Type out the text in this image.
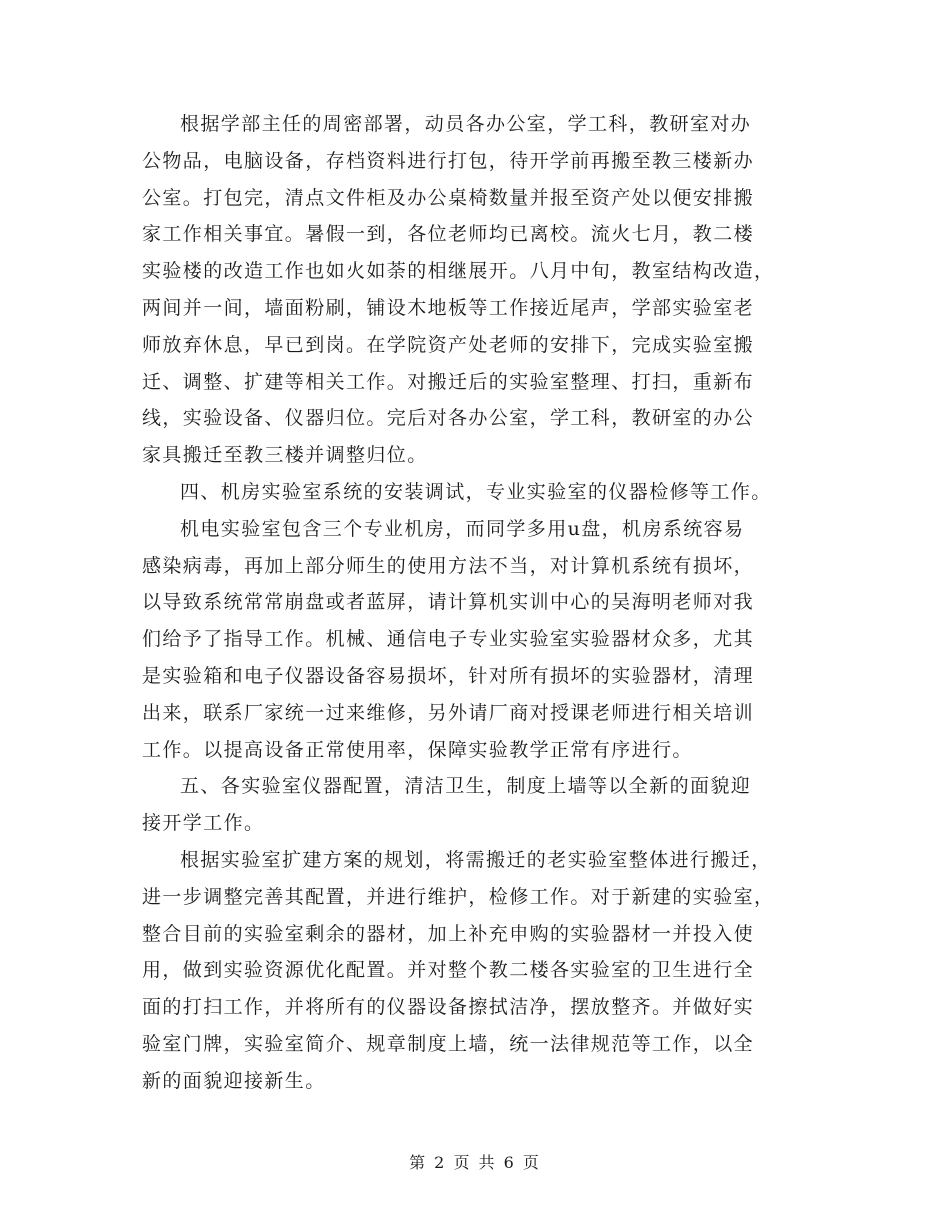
根据学部主任的周密部署，动员各办公室，学工科，教研室对办
公物品，电脑设备，存档资料进行打包，待开学前再搬至教三楼新办
公室。打包完，清点文件柜及办公桌椅数量并报至资产处以便安排搬
家工作相关事宜。暑假一到，各位老师均已离校。流火七月，教二楼
实验楼的改造工作也如火如荼的相继展开。八月中旬，教室结构改造，
两间并一间，墙面粉刷，铺设木地板等工作接近尾声，学部实验室老
师放弃休息，早已到岗。在学院资产处老师的安排下，完成实验室搬
迁、调整、扩建等相关工作。对搬迁后的实验室整理、打扫，重新布
线，实验设备、仪器归位。完后对各办公室，学工科，教研室的办公
家具搬迁至教三楼并调整归位。

四、机房实验室系统的安装调试，专业实验室的仪器检修等工作。

机电实验室包含三个专业机房，而同学多用u盘，机房系统容易
感染病毒，再加上部分师生的使用方法不当，对计算机系统有损坏，
以导致系统常常崩盘或者蓝屏，请计算机实训中心的吴海明老师对我
们给予了指导工作。机械、通信电子专业实验室实验器材众多，尤其
是实验箱和电子仪器设备容易损坏，针对所有损坏的实验器材，清理
出来，联系厂家统一过来维修，另外请厂商对授课老师进行相关培训
工作。以提高设备正常使用率，保障实验教学正常有序进行。

五、各实验室仪器配置，清洁卫生，制度上墙等以全新的面貌迎
接开学工作。

根据实验室扩建方案的规划，将需搬迁的老实验室整体进行搬迁，
进一步调整完善其配置，并进行维护，检修工作。对于新建的实验室，
整合目前的实验室剩余的器材，加上补充申购的实验器材一并投入使
用，做到实验资源优化配置。并对整个教二楼各实验室的卫生进行全
面的打扫工作，并将所有的仪器设备擦拭洁净，摆放整齐。并做好实
验室门牌，实验室简介、规章制度上墙，统一法律规范等工作，以全
新的面貌迎接新生。

第 2 页 共 6 页
